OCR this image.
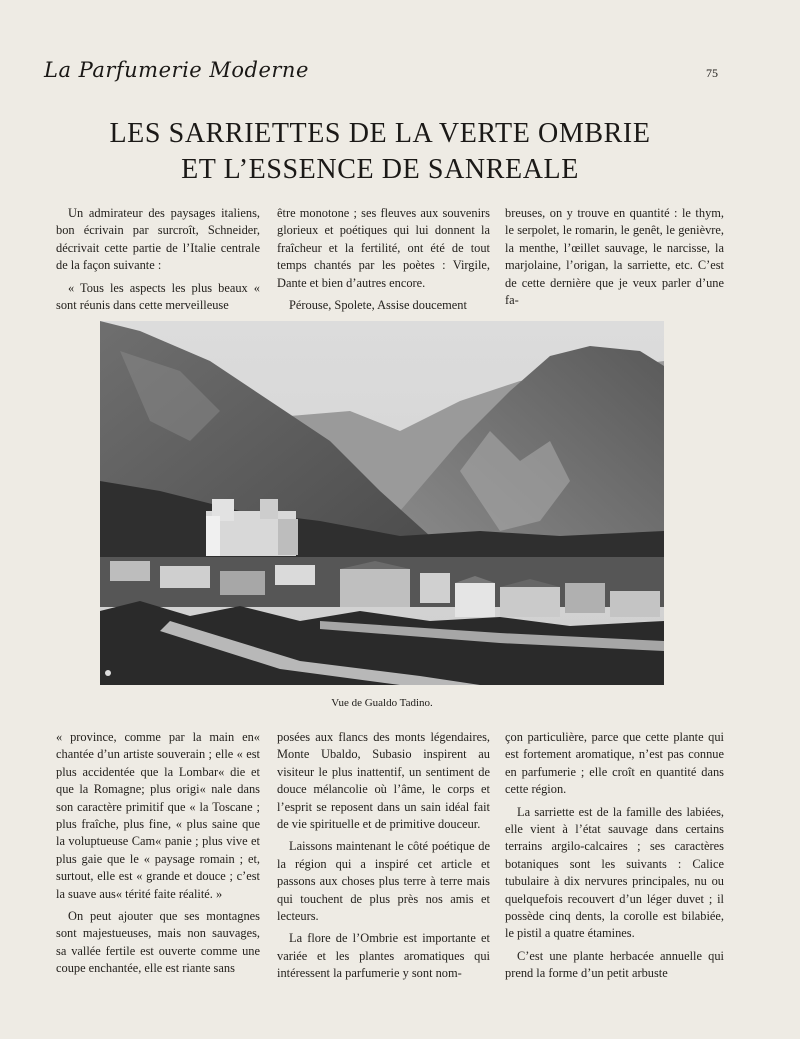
La Parfumerie Moderne	75
LES SARRIETTES DE LA VERTE OMBRIE
ET L’ESSENCE DE SANREALE

Un admirateur des paysages italiens, bon écrivain par surcroît, Schneider, décrivait cette partie de l’Italie centrale de la façon suivante :

« Tous les aspects les plus beaux « sont réunis dans cette merveilleuse

être monotone ; ses fleuves aux souvenirs glorieux et poétiques qui lui donnent la fraîcheur et la fertilité, ont été de tout temps chantés par les poètes : Virgile, Dante et bien d’autres encore.

Pérouse, Spolete, Assise doucement

breuses, on y trouve en quantité : le thym, le serpolet, le romarin, le genêt, le genièvre, la menthe, l’œillet sauvage, le narcisse, la marjolaine, l’origan, la sarriette, etc. C’est de cette dernière que je veux parler d’une fa-

Vue de Gualdo Tadino.

« province, comme par la main en« chantée d’un artiste souverain ; elle « est plus accidentée que la Lombar« die et que la Romagne; plus origi« nale dans son caractère primitif que « la Toscane ; plus fraîche, plus fine, « plus saine que la voluptueuse Cam« panie ; plus vive et plus gaie que le « paysage romain ; et, surtout, elle est « grande et douce ; c’est la suave aus« térité faite réalité. »

On peut ajouter que ses montagnes sont majestueuses, mais non sauvages, sa vallée fertile est ouverte comme une coupe enchantée, elle est riante sans

posées aux flancs des monts légendaires, Monte Ubaldo, Subasio inspirent au visiteur le plus inattentif, un sentiment de douce mélancolie où l’âme, le corps et l’esprit se reposent dans un sain idéal fait de vie spirituelle et de primitive douceur.

Laissons maintenant le côté poétique de la région qui a inspiré cet article et passons aux choses plus terre à terre mais qui touchent de plus près nos amis et lecteurs.

La flore de l’Ombrie est importante et variée et les plantes aromatiques qui intéressent la parfumerie y sont nom-

çon particulière, parce que cette plante qui est fortement aromatique, n’est pas connue en parfumerie ; elle croît en quantité dans cette région.

La sarriette est de la famille des labiées, elle vient à l’état sauvage dans certains terrains argilo-calcaires ; ses caractères botaniques sont les suivants : Calice tubulaire à dix nervures principales, nu ou quelquefois recouvert d’un léger duvet ; il possède cinq dents, la corolle est bilabiée, le pistil a quatre étamines.

C’est une plante herbacée annuelle qui prend la forme d’un petit arbuste
